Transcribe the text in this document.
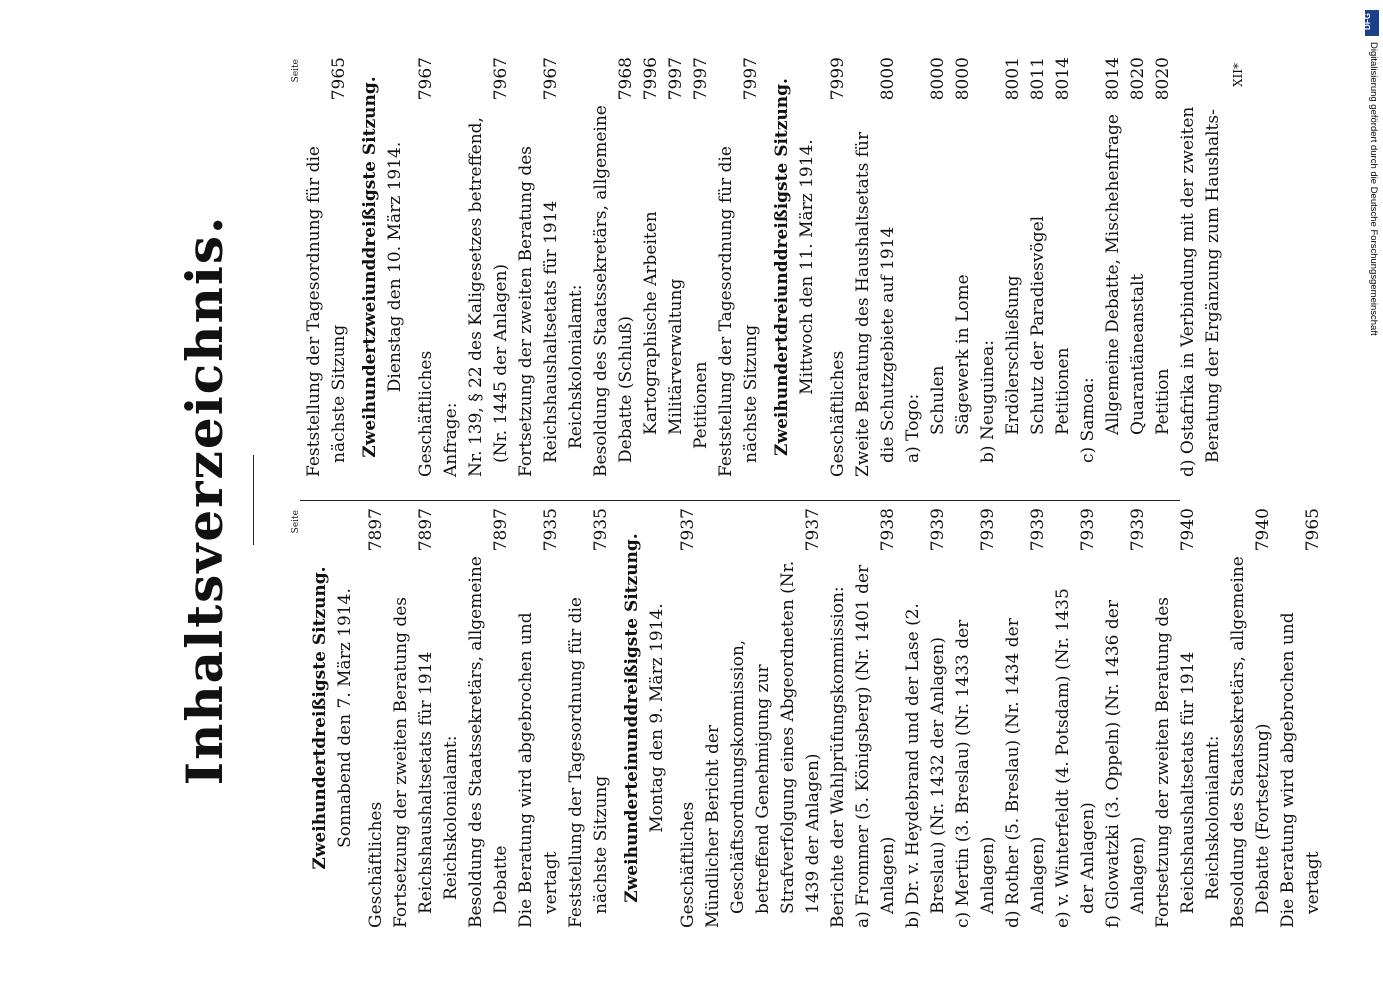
Inhaltsverzeichnis.	Seite
Zweihundertdreißigste Sitzung. Sonnabend den 7. März 1914.
Geschäftliches
7897
Fortsetzung der zweiten Beratung des Reichshaushaltsetats für 1914
7897
Reichskolonialamt: Besoldung des Staatssekretärs, allgemeine Debatte
7897
Die Beratung wird abgebrochen und vertagt
7935
Feststellung der Tagesordnung für die nächste Sitzung
7935
Zweihunderteinunddreißigste Sitzung. Montag den 9. März 1914.
Geschäftliches
7937
Mündlicher Bericht der Geschäftsordnungskommission, betreffend Genehmigung zur Strafverfolgung eines Abgeordneten (Nr. 1439 der Anlagen)
7937
Berichte der Wahlprüfungskommission: a) Frommer (5. Königsberg) (Nr. 1401 der Anlagen)
7938
b) Dr. v. Heydebrand und der Lase (2. Breslau) (Nr. 1432 der Anlagen)
7939
c) Mertin (3. Breslau) (Nr. 1433 der Anlagen)
7939
d) Rother (5. Breslau) (Nr. 1434 der Anlagen)
7939
e) v. Winterfeldt (4. Potsdam) (Nr. 1435 der Anlagen)
7939
f) Glowatzki (3. Oppeln) (Nr. 1436 der Anlagen)
7939
Fortsetzung der zweiten Beratung des Reichshaushaltsetats für 1914
7940
Reichskolonialamt: Besoldung des Staatssekretärs, allgemeine Debatte (Fortsetzung)
7940
Die Beratung wird abgebrochen und vertagt
7965
Seite
Feststellung der Tagesordnung für die nächste Sitzung
7965 Zweihundertzweiunddreißigste Sitzung. Dienstag den 10. März 1914.
Geschäftliches
7967
Anfrage: Nr. 139, § 22 des Kaligesetzes betreffend, (Nr. 1445 der Anlagen)
7967
Fortsetzung der zweiten Beratung des Reichshaushaltsetats für 1914
7967
Reichskolonialamt: Besoldung des Staatssekretärs, allgemeine Debatte (Schluß)
7968
Kartographische Arbeiten
7996
Militärverwaltung
7997
Petitionen
7997
Feststellung der Tagesordnung für die nächste Sitzung
7997 Zweihundertdreiunddreißigste Sitzung. Mittwoch den 11. März 1914.
Geschäftliches
7999
Zweite Beratung des Haushaltsetats für die Schutzgebiete auf 1914
8000
a) Togo: Schulen
8000
Sägewerk in Lome
8000
b) Neuguinea: Erdölerschließung
8001
Schutz der Paradiesvögel
8011
Petitionen
8014
c) Samoa: Allgemeine Debatte, Mischehenfrage
8014
Quarantäneanstalt
8020
Petition
8020
d) Ostafrika in Verbindung mit der zweiten Beratung der Ergänzung zum Haushalts-
XII*
DFG
Digitalisierung gefördert durch die Deutsche Forschungsgemeinschaft
